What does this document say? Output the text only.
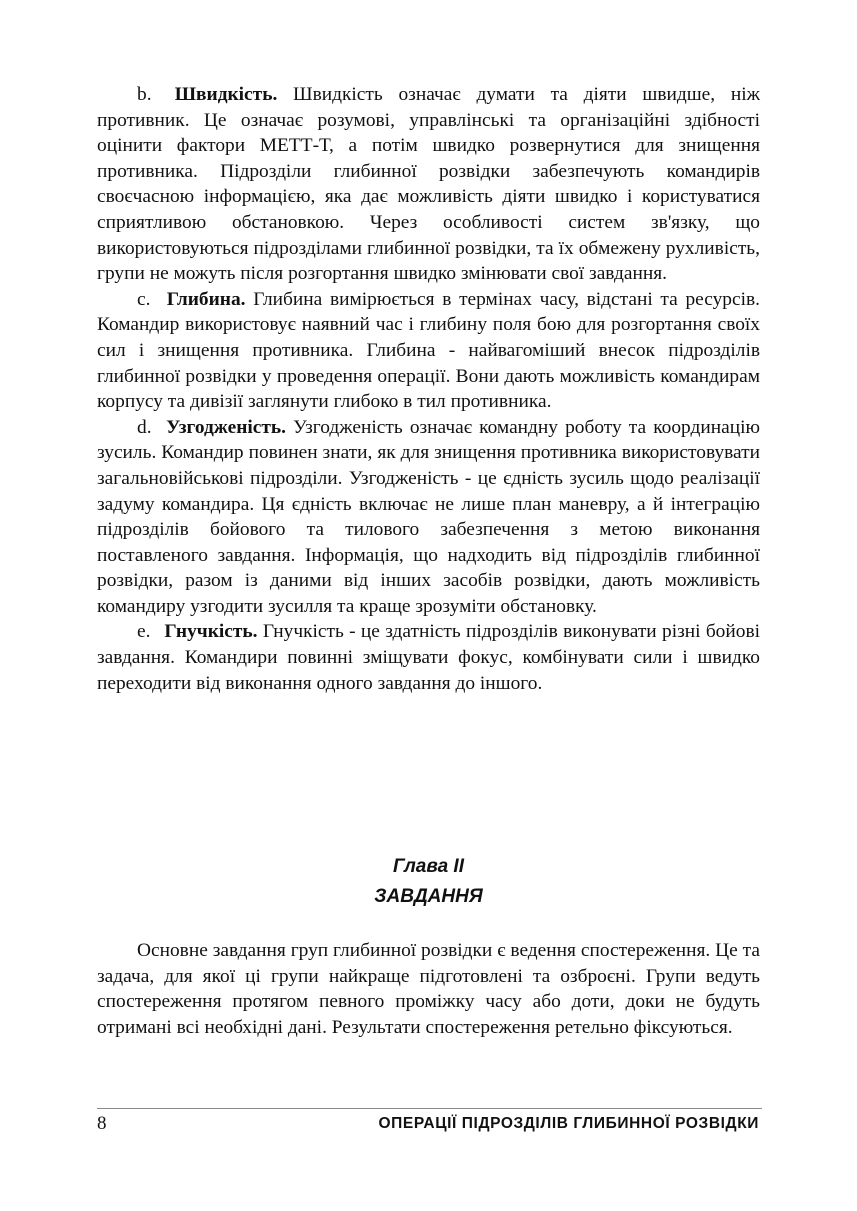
b. Швидкість. Швидкість означає думати та діяти швидше, ніж противник. Це означає розумові, управлінські та організаційні здібності оцінити фактори МЕТТ-Т, а потім швидко розвернутися для знищення противника. Підрозділи глибинної розвідки забезпечують командирів своєчасною інформацією, яка дає можливість діяти швидко і користуватися сприятливою обстановкою. Через особливості систем зв'язку, що використовуються підрозділами глибинної розвідки, та їх обмежену рухливість, групи не можуть після розгортання швидко змінювати свої завдання.

c. Глибина. Глибина вимірюється в термінах часу, відстані та ресурсів. Командир використовує наявний час і глибину поля бою для розгортання своїх сил і знищення противника. Глибина - найвагоміший внесок підрозділів глибинної розвідки у проведення операції. Вони дають можливість командирам корпусу та дивізії заглянути глибоко в тил противника.

d. Узгодженість. Узгодженість означає командну роботу та координацію зусиль. Командир повинен знати, як для знищення противника використовувати загальновійськові підрозділи. Узгодженість - це єдність зусиль щодо реалізації задуму командира. Ця єдність включає не лише план маневру, а й інтеграцію підрозділів бойового та тилового забезпечення з метою виконання поставленого завдання. Інформація, що надходить від підрозділів глибинної розвідки, разом із даними від інших засобів розвідки, дають можливість командиру узгодити зусилля та краще зрозуміти обстановку.

e. Гнучкість. Гнучкість - це здатність підрозділів виконувати різні бойові завдання. Командири повинні зміщувати фокус, комбінувати сили і швидко переходити від виконання одного завдання до іншого.

Глава II

ЗАВДАННЯ

Основне завдання груп глибинної розвідки є ведення спостереження. Це та задача, для якої ці групи найкраще підготовлені та озброєні. Групи ведуть спостереження протягом певного проміжку часу або доти, доки не будуть отримані всі необхідні дані. Результати спостереження ретельно фіксуються.

8	ОПЕРАЦІЇ ПІДРОЗДІЛІВ ГЛИБИННОЇ РОЗВІДКИ
